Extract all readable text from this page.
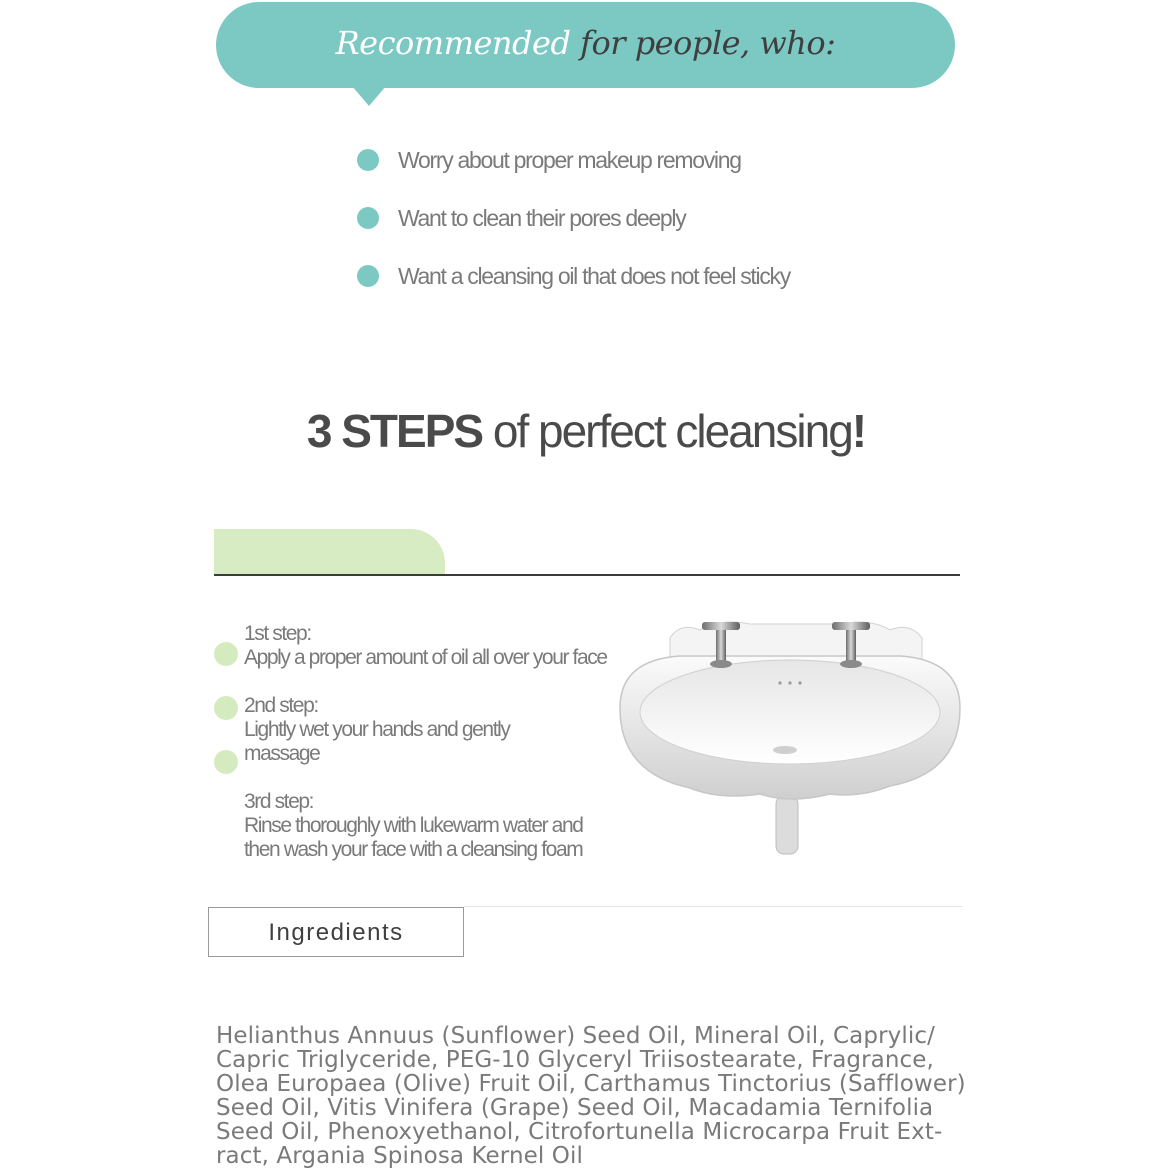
Recommended for people, who:
Worry about proper makeup removing
Want to clean their pores deeply
Want a cleansing oil that does not feel sticky
3 STEPS of perfect cleansing!
1st step:
Apply a proper amount of oil all over your face
2nd step:
Lightly wet your hands and gently
massage
3rd step:
Rinse thoroughly with lukewarm water and
then wash your face with a cleansing foam
Ingredients
Helianthus Annuus (Sunflower) Seed Oil, Mineral Oil, Caprylic/
Capric Triglyceride, PEG-10 Glyceryl Triisostearate, Fragrance,
Olea Europaea (Olive) Fruit Oil, Carthamus Tinctorius (Safflower)
Seed Oil, Vitis Vinifera (Grape) Seed Oil, Macadamia Ternifolia
Seed Oil, Phenoxyethanol, Citrofortunella Microcarpa Fruit Ext-
ract, Argania Spinosa Kernel Oil
